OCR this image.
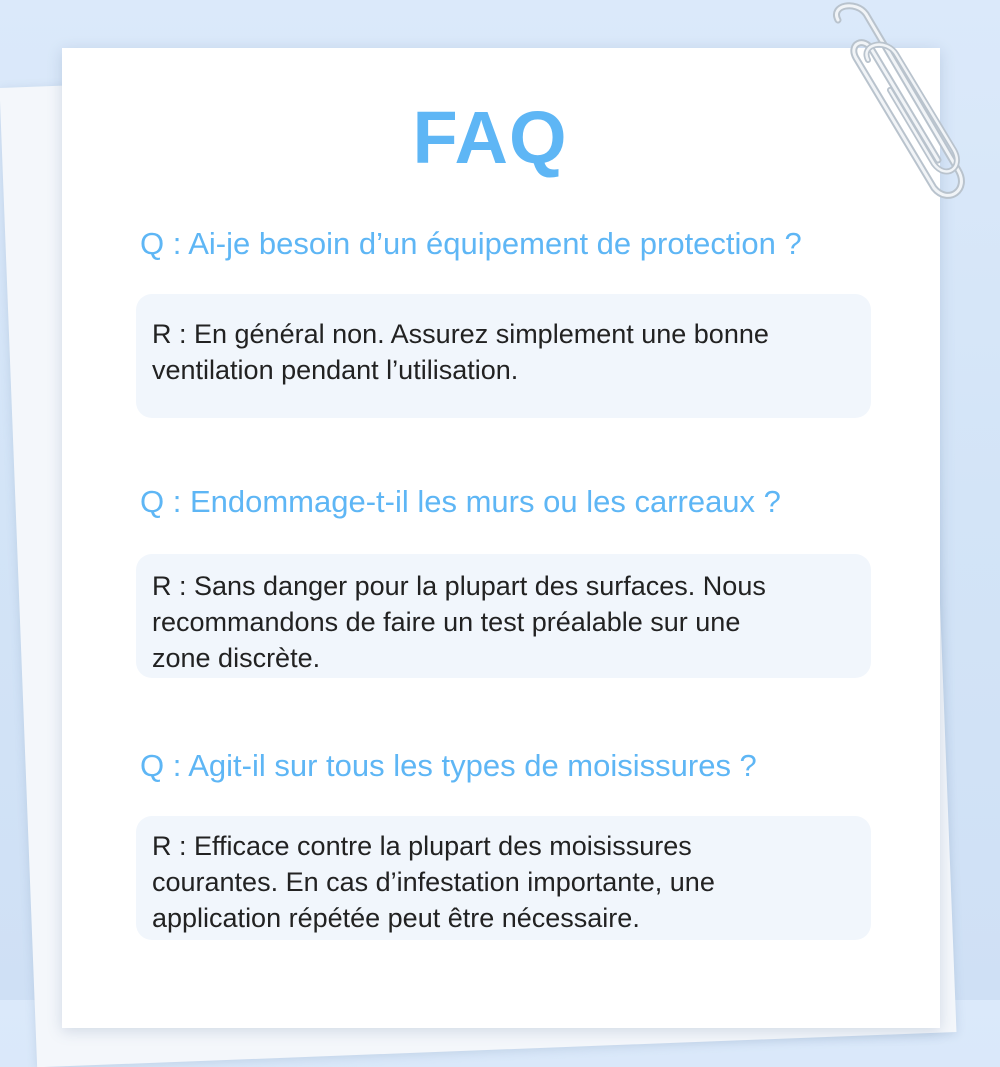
FAQ
Q : Ai-je besoin d’un équipement de protection ?
R : En général non. Assurez simplement une bonne
ventilation pendant l’utilisation.
Q : Endommage-t-il les murs ou les carreaux ?
R : Sans danger pour la plupart des surfaces. Nous
recommandons de faire un test préalable sur une
zone discrète.
Q : Agit-il sur tous les types de moisissures ?
R : Efficace contre la plupart des moisissures
courantes. En cas d’infestation importante, une
application répétée peut être nécessaire.
